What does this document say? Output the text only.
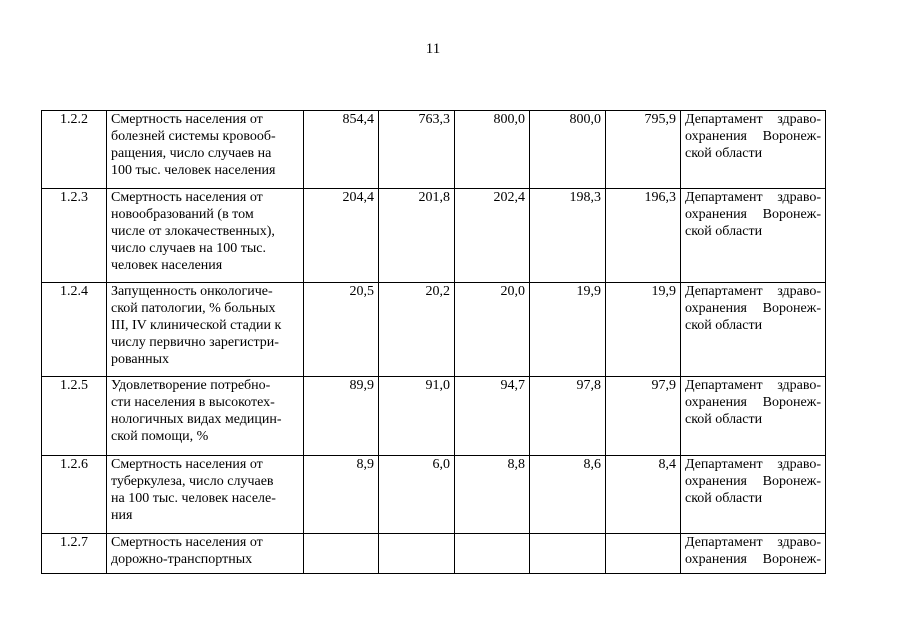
11
1.2.2	Смертность населения от
болезней системы кровооб-
ращения, число случаев на
100 тыс. человек населения	854,4	763,3	800,0	800,0	795,9	Департамент здраво-
охранения Воронеж-
ской области

1.2.3	Смертность населения от
новообразований (в том
числе от злокачественных),
число случаев на 100 тыс.
человек населения	204,4	201,8	202,4	198,3	196,3	Департамент здраво-
охранения Воронеж-
ской области

1.2.4	Запущенность онкологиче-
ской патологии, % больных
III, IV клинической стадии к
числу первично зарегистри-
рованных	20,5	20,2	20,0	19,9	19,9	Департамент здраво-
охранения Воронеж-
ской области

1.2.5	Удовлетворение потребно-
сти населения в высокотех-
нологичных видах медицин-
ской помощи, %	89,9	91,0	94,7	97,8	97,9	Департамент здраво-
охранения Воронеж-
ской области

1.2.6	Смертность населения от
туберкулеза, число случаев
на 100 тыс. человек населе-
ния	8,9	6,0	8,8	8,6	8,4	Департамент здраво-
охранения Воронеж-
ской области

1.2.7	Смертность населения от
дорожно-транспортных						Департамент здраво-
охранения Воронеж-
